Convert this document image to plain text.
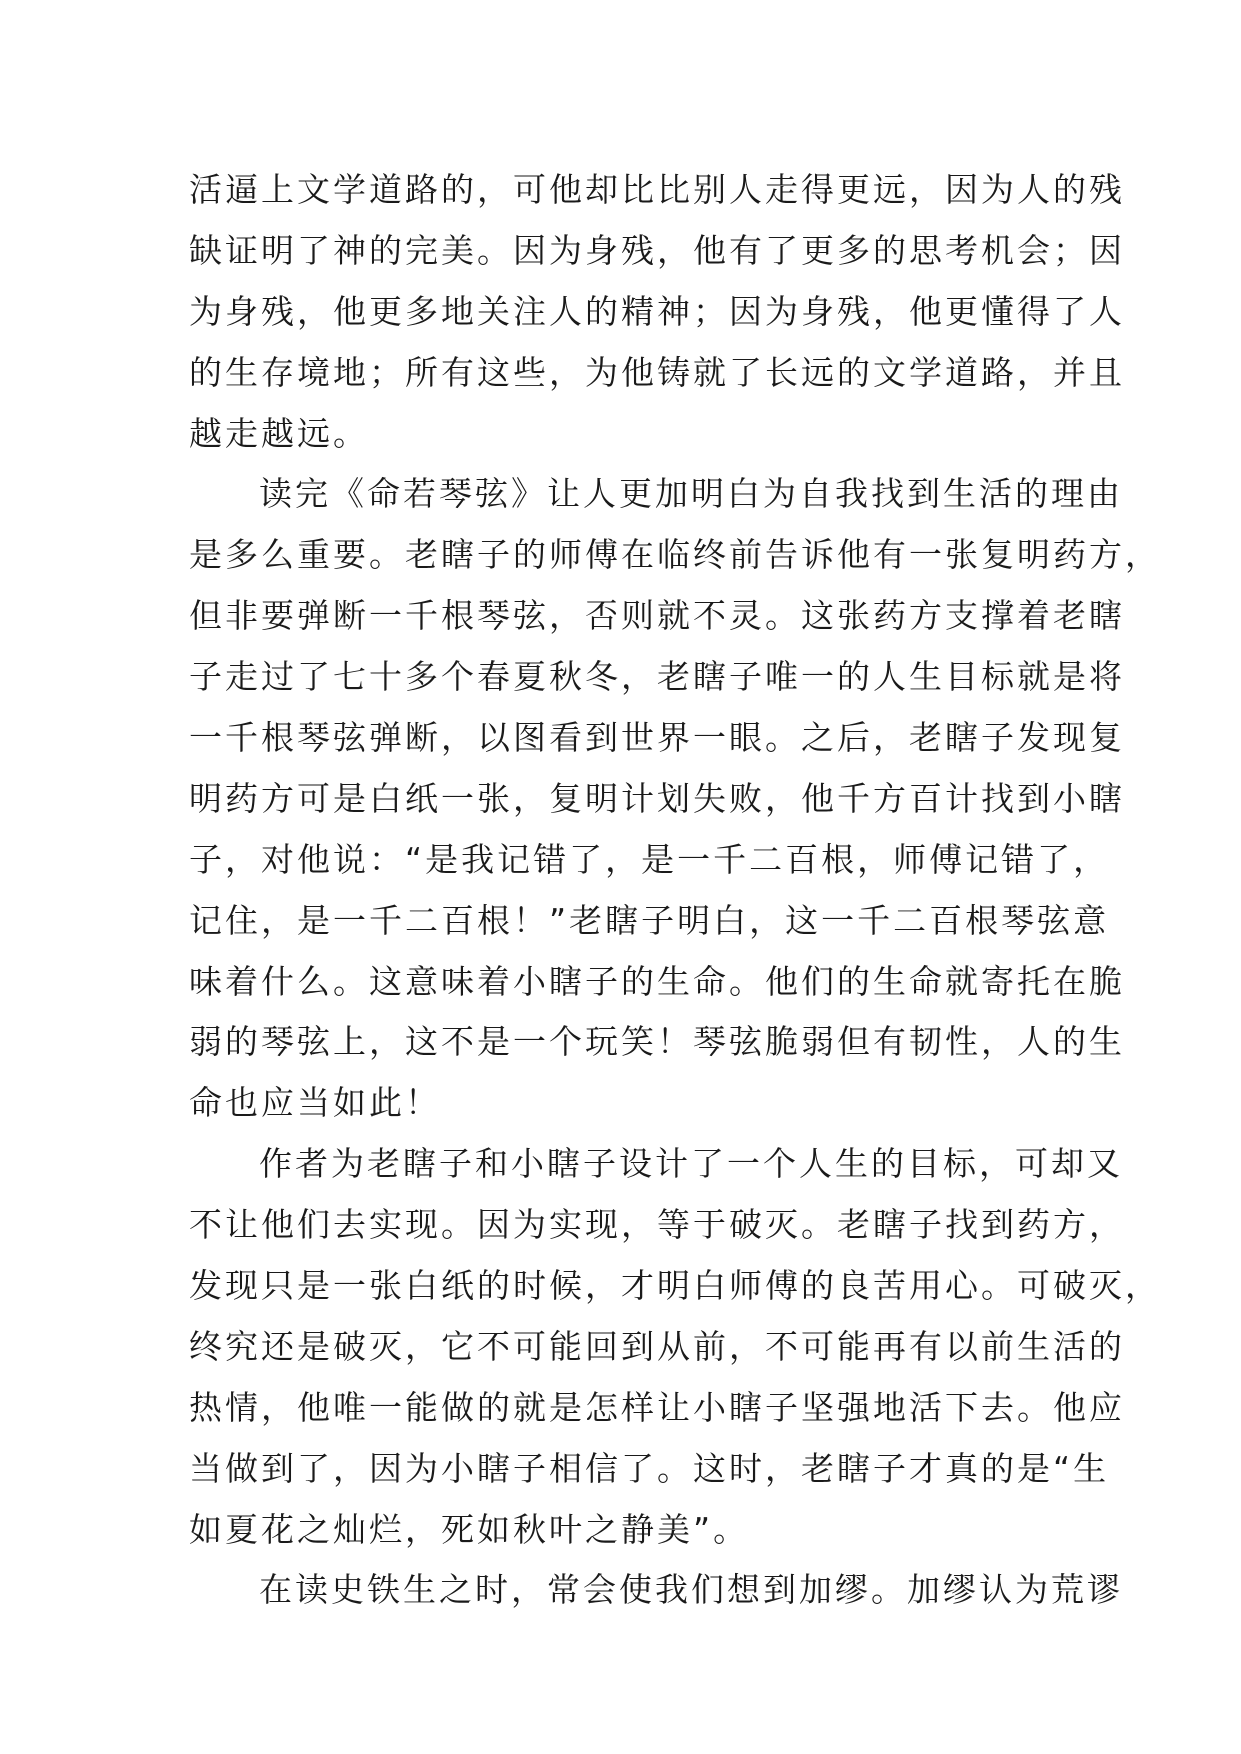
活逼上文学道路的，可他却比比别人走得更远，因为人的残
缺证明了神的完美。因为身残，他有了更多的思考机会；因
为身残，他更多地关注人的精神；因为身残，他更懂得了人
的生存境地；所有这些，为他铸就了长远的文学道路，并且
越走越远。
读完《命若琴弦》让人更加明白为自我找到生活的理由
是多么重要。老瞎子的师傅在临终前告诉他有一张复明药方，
但非要弹断一千根琴弦，否则就不灵。这张药方支撑着老瞎
子走过了七十多个春夏秋冬，老瞎子唯一的人生目标就是将
一千根琴弦弹断，以图看到世界一眼。之后，老瞎子发现复
明药方可是白纸一张，复明计划失败，他千方百计找到小瞎
子，对他说：“是我记错了，是一千二百根，师傅记错了，
记住，是一千二百根！”老瞎子明白，这一千二百根琴弦意
味着什么。这意味着小瞎子的生命。他们的生命就寄托在脆
弱的琴弦上，这不是一个玩笑！琴弦脆弱但有韧性，人的生
命也应当如此！
作者为老瞎子和小瞎子设计了一个人生的目标，可却又
不让他们去实现。因为实现，等于破灭。老瞎子找到药方，
发现只是一张白纸的时候，才明白师傅的良苦用心。可破灭，
终究还是破灭，它不可能回到从前，不可能再有以前生活的
热情，他唯一能做的就是怎样让小瞎子坚强地活下去。他应
当做到了，因为小瞎子相信了。这时，老瞎子才真的是“生
如夏花之灿烂，死如秋叶之静美”。
在读史铁生之时，常会使我们想到加缪。加缪认为荒谬
